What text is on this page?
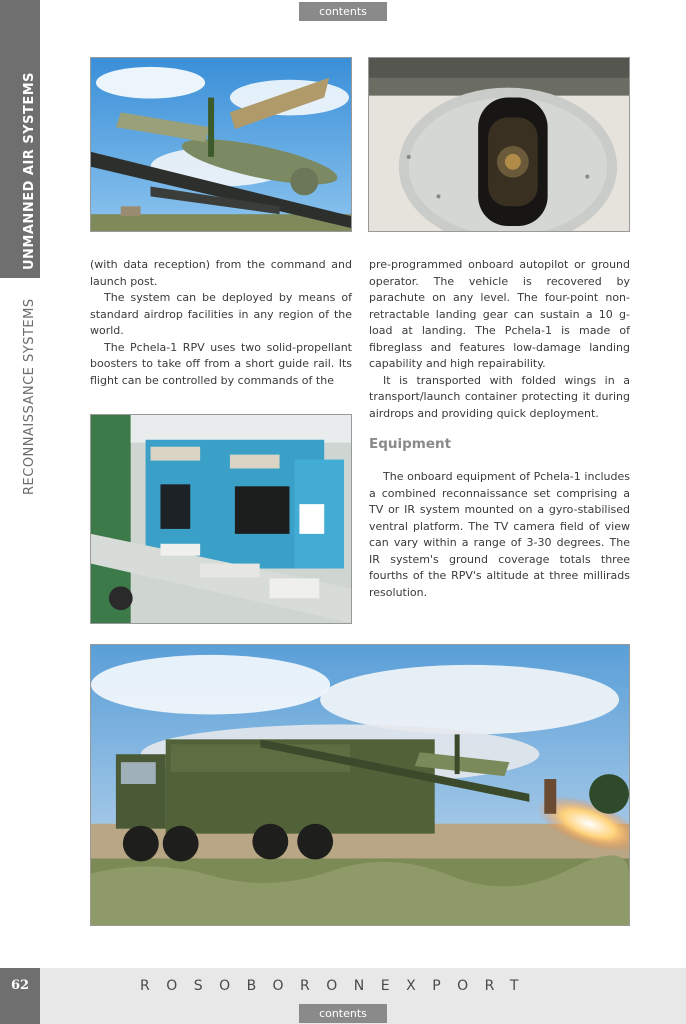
UNMANNED AIR SYSTEMS
RECONNAISSANCE SYSTEMS
contents

(with data reception) from the command and launch post.

The system can be deployed by means of standard airdrop facilities in any region of the world.

The Pchela-1 RPV uses two solid-propellant boosters to take off from a short guide rail. Its flight can be controlled by commands of the

pre-programmed onboard autopilot or ground operator. The vehicle is recovered by parachute on any level. The four-point non-retractable landing gear can sustain a 10 g-load at landing. The Pchela-1 is made of fibreglass and features low-damage landing capability and high repairability.

It is transported with folded wings in a transport/launch container protecting it during airdrops and providing quick deployment.

Equipment

The onboard equipment of Pchela-1 includes a combined reconnaissance set comprising a TV or IR system mounted on a gyro-stabilised ventral platform. The TV camera field of view can vary within a range of 3-30 degrees. The IR system's ground coverage totals three fourths of the RPV's altitude at three millirads resolution.

62	ROSOBORONEXPORT
contents
